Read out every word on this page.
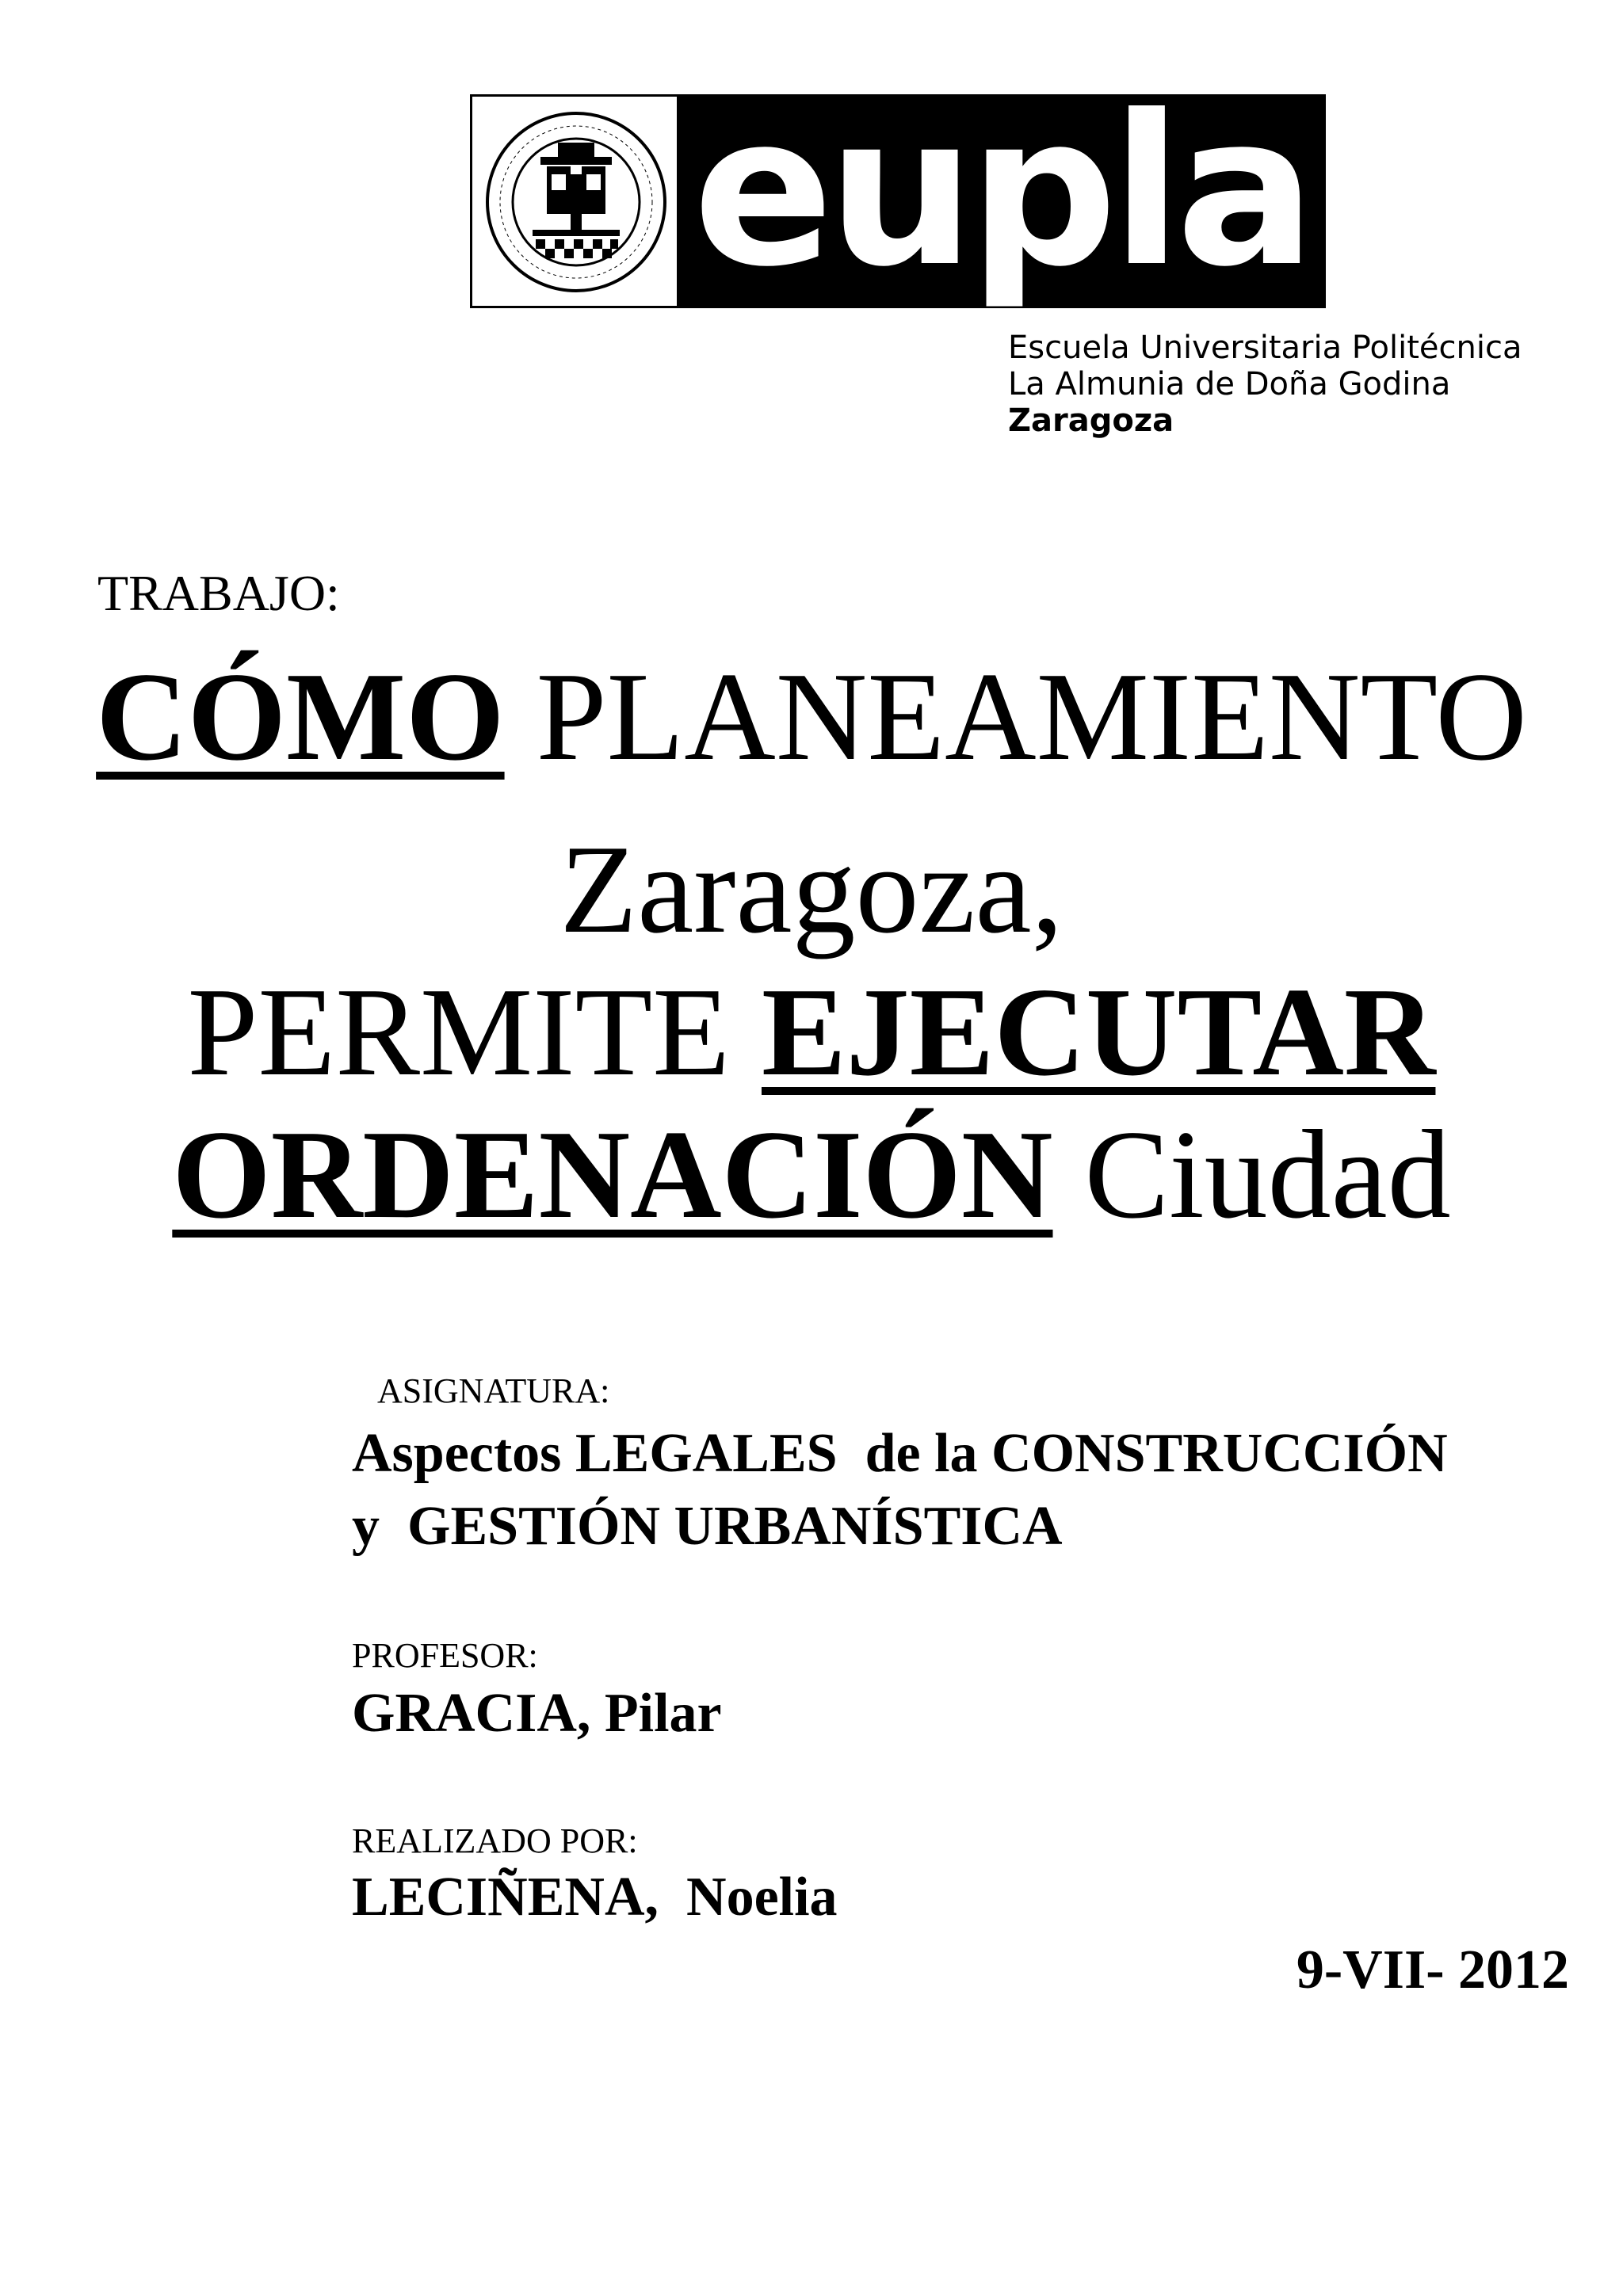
eupla
Escuela Universitaria Politécnica
La Almunia de Doña Godina
Zaragoza
TRABAJO:
CÓMO PLANEAMIENTO
Zaragoza,
PERMITE EJECUTAR
ORDENACIÓN Ciudad
ASIGNATURA:
Aspectos LEGALES  de la CONSTRUCCIÓN
y  GESTIÓN URBANÍSTICA
PROFESOR:
GRACIA, Pilar
REALIZADO POR:
LECIÑENA,  Noelia
9-VII- 2012
